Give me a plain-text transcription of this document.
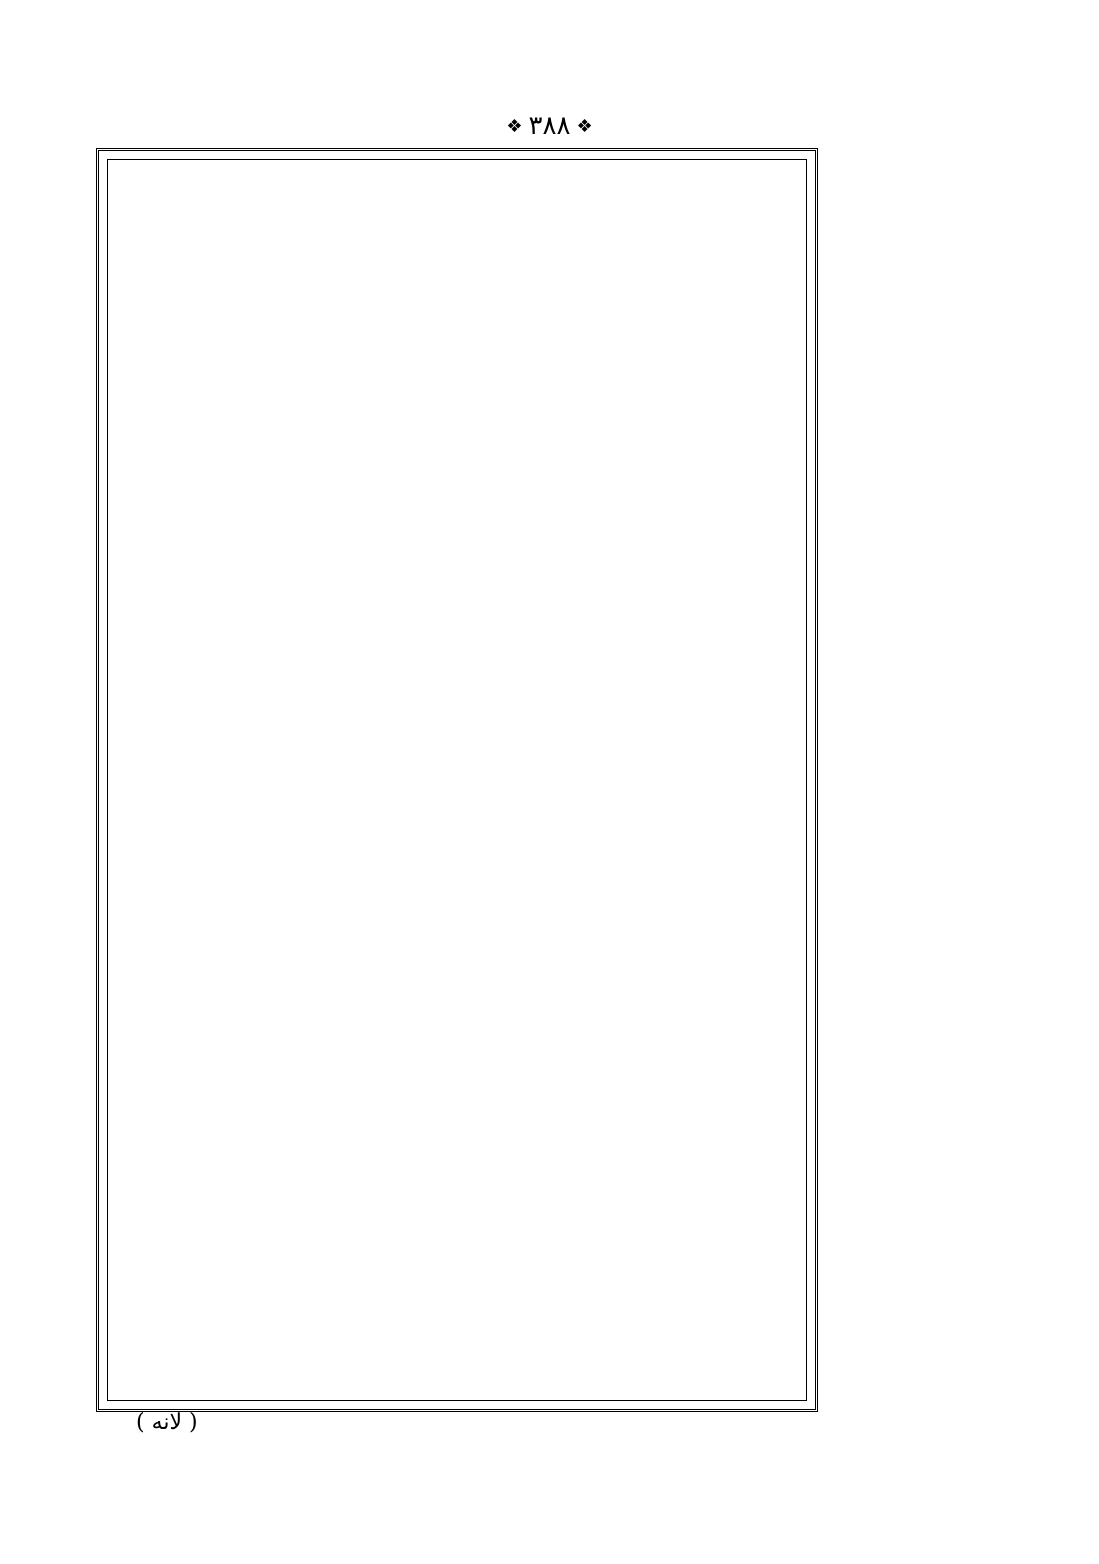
❖
٣٨٨
❖
( لانه )
